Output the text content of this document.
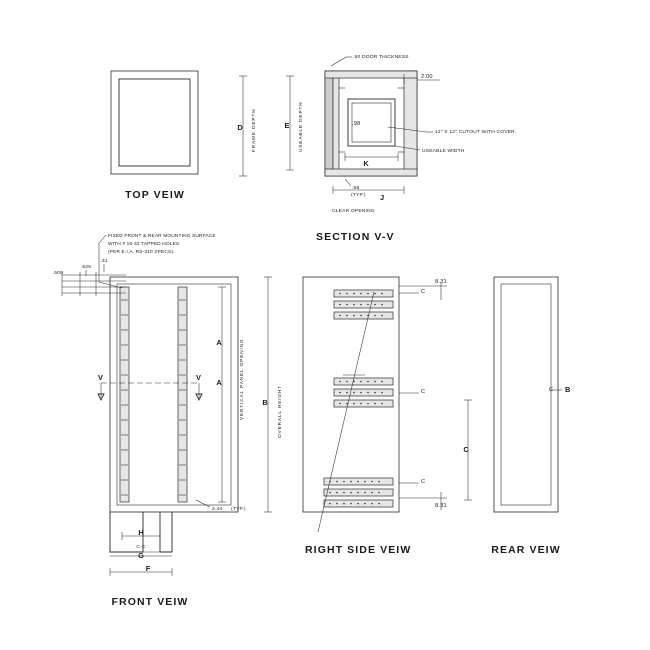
TOP VEIW
.50 DOOR THICKNESS
2.00
.98
12" X 12" CUTOUT WITH COVER.
USEABLE WIDTH
D FRAME DEPTH	E USEABLE DEPTH
K
.69
(TYP.) J
CLEAR OPENING
SECTION V-V
FIXED FRONT & REAR MOUNTING SURFACE
WITH # 10-32 TAPPED HOLES
(PER E.I.A. RS-310 SPECS).
.500
.625
.31
A
A	VERTICAL PANEL OPENING B OVERALL HEIGHT
V	V
2.44 (TYP.)
H
C-C
G
F
FRONT VEIW
8.31
C
C
C
C
8.31
RIGHT SIDE VEIW
C B
REAR VEIW
